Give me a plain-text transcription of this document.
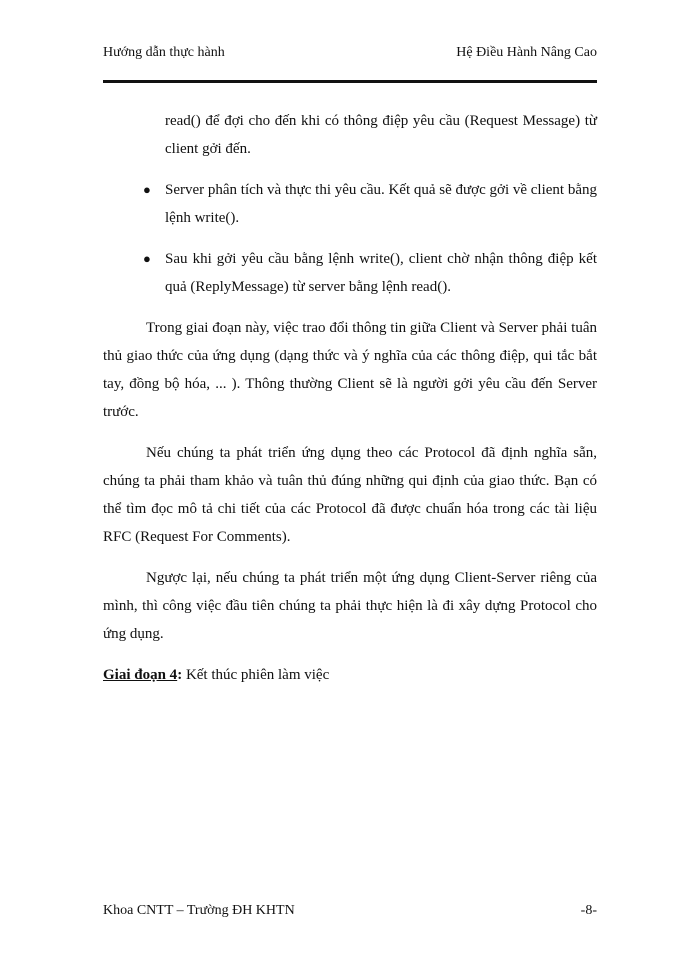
Hướng dẫn thực hành	Hệ Điều Hành Nâng Cao
read() để đợi cho đến khi có thông điệp yêu cầu (Request Message) từ client gởi đến.
● Server phân tích và thực thi yêu cầu. Kết quả sẽ được gởi về client bằng lệnh write().
● Sau khi gởi yêu cầu bằng lệnh write(), client chờ nhận thông điệp kết quả (ReplyMessage) từ server bằng lệnh read().

Trong giai đoạn này, việc trao đổi thông tin giữa Client và Server phải tuân thủ giao thức của ứng dụng (dạng thức và ý nghĩa của các thông điệp, qui tắc bắt tay, đồng bộ hóa, ... ). Thông thường Client sẽ là người gởi yêu cầu đến Server trước.

Nếu chúng ta phát triển ứng dụng theo các Protocol đã định nghĩa sẵn, chúng ta phải tham khảo và tuân thủ đúng những qui định của giao thức. Bạn có thể tìm đọc mô tả chi tiết của các Protocol đã được chuẩn hóa trong các tài liệu RFC (Request For Comments).

Ngược lại, nếu chúng ta phát triển một ứng dụng Client-Server riêng của mình, thì công việc đầu tiên chúng ta phải thực hiện là đi xây dựng Protocol cho ứng dụng.

Giai đoạn 4: Kết thúc phiên làm việc

Khoa CNTT – Trường ĐH KHTN	-8-
